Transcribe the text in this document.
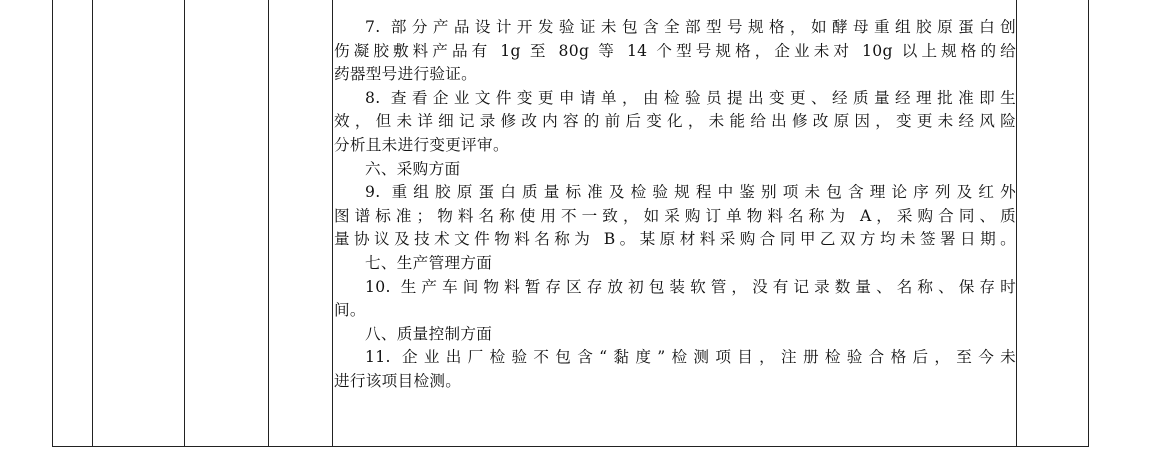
7. 部分产品设计开发验证未包含全部型号规格，如酵母重组胶原蛋白创
伤凝胶敷料产品有 1g 至 80g 等 14 个型号规格，企业未对 10g 以上规格的给
药器型号进行验证。
8. 查看企业文件变更申请单，由检验员提出变更、经质量经理批准即生
效，但未详细记录修改内容的前后变化，未能给出修改原因，变更未经风险
分析且未进行变更评审。
六、采购方面
9. 重组胶原蛋白质量标准及检验规程中鉴别项未包含理论序列及红外
图谱标准；物料名称使用不一致，如采购订单物料名称为 A，采购合同、质
量协议及技术文件物料名称为 B。某原材料采购合同甲乙双方均未签署日期。
七、生产管理方面
10. 生产车间物料暂存区存放初包装软管，没有记录数量、名称、保存时
间。
八、质量控制方面
11. 企业出厂检验不包含“黏度”检测项目，注册检验合格后，至今未
进行该项目检测。
